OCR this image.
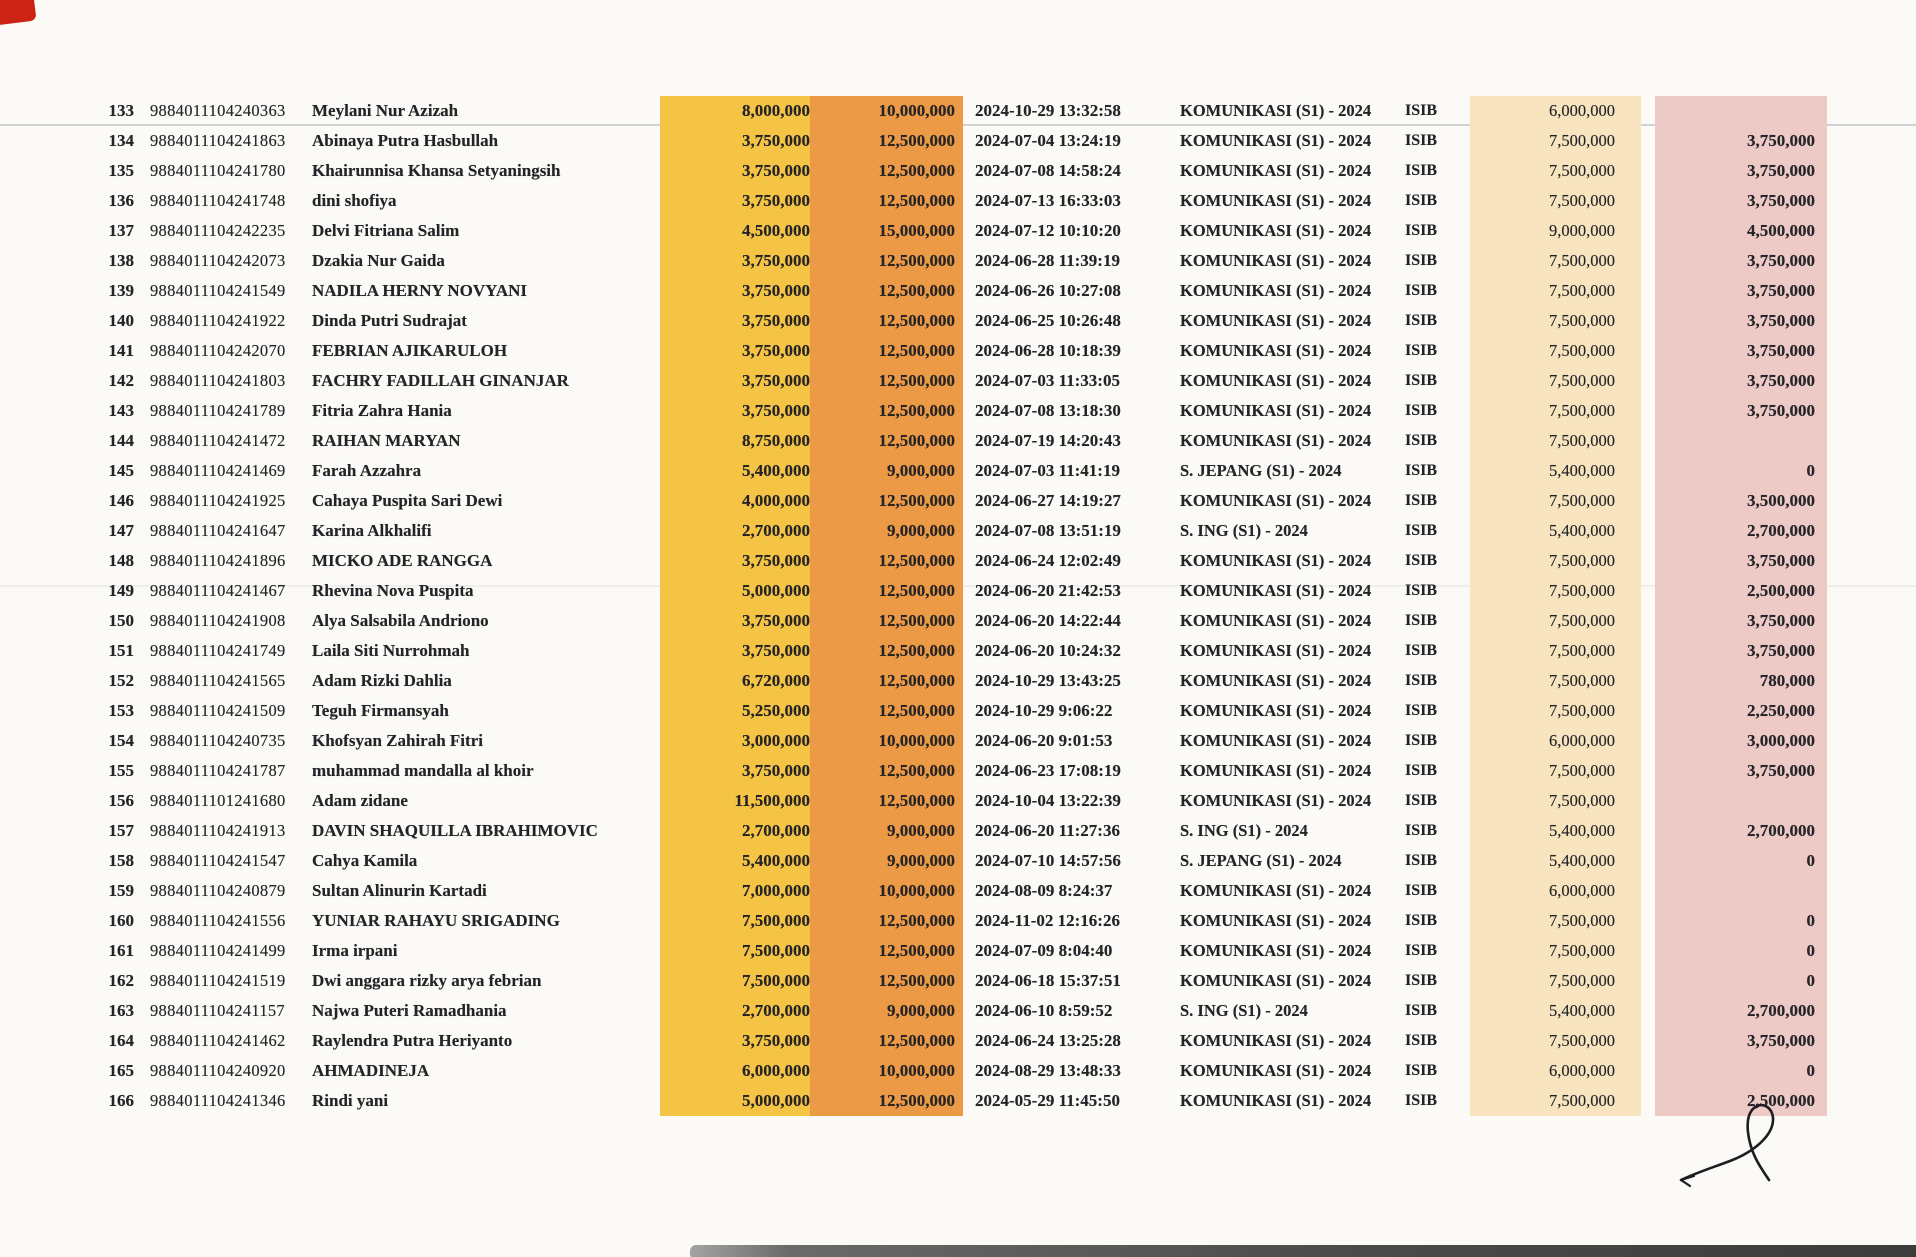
133 9884011104240363	Meylani Nur Azizah	8,000,000	10,000,000	2024-10-29 13:32:58	KOMUNIKASI (S1) - 2024	ISIB	6,000,000
134 9884011104241863	Abinaya Putra Hasbullah	3,750,000	12,500,000	2024-07-04 13:24:19	KOMUNIKASI (S1) - 2024	ISIB	7,500,000	3,750,000
135 9884011104241780	Khairunnisa Khansa Setyaningsih	3,750,000	12,500,000	2024-07-08 14:58:24	KOMUNIKASI (S1) - 2024	ISIB	7,500,000	3,750,000
136 9884011104241748	dini shofiya	3,750,000	12,500,000	2024-07-13 16:33:03	KOMUNIKASI (S1) - 2024	ISIB	7,500,000	3,750,000
137 9884011104242235	Delvi Fitriana Salim	4,500,000	15,000,000	2024-07-12 10:10:20	KOMUNIKASI (S1) - 2024	ISIB	9,000,000	4,500,000
138 9884011104242073	Dzakia Nur Gaida	3,750,000	12,500,000	2024-06-28 11:39:19	KOMUNIKASI (S1) - 2024	ISIB	7,500,000	3,750,000
139 9884011104241549	NADILA HERNY NOVYANI	3,750,000	12,500,000	2024-06-26 10:27:08	KOMUNIKASI (S1) - 2024	ISIB	7,500,000	3,750,000
140 9884011104241922	Dinda Putri Sudrajat	3,750,000	12,500,000	2024-06-25 10:26:48	KOMUNIKASI (S1) - 2024	ISIB	7,500,000	3,750,000
141 9884011104242070	FEBRIAN AJIKARULOH	3,750,000	12,500,000	2024-06-28 10:18:39	KOMUNIKASI (S1) - 2024	ISIB	7,500,000	3,750,000
142 9884011104241803	FACHRY FADILLAH GINANJAR	3,750,000	12,500,000	2024-07-03 11:33:05	KOMUNIKASI (S1) - 2024	ISIB	7,500,000	3,750,000
143 9884011104241789	Fitria Zahra Hania	3,750,000	12,500,000	2024-07-08 13:18:30	KOMUNIKASI (S1) - 2024	ISIB	7,500,000	3,750,000
144 9884011104241472	RAIHAN MARYAN	8,750,000	12,500,000	2024-07-19 14:20:43	KOMUNIKASI (S1) - 2024	ISIB	7,500,000
145 9884011104241469	Farah Azzahra	5,400,000	9,000,000	2024-07-03 11:41:19	S. JEPANG (S1) - 2024	ISIB	5,400,000	0
146 9884011104241925	Cahaya Puspita Sari Dewi	4,000,000	12,500,000	2024-06-27 14:19:27	KOMUNIKASI (S1) - 2024	ISIB	7,500,000	3,500,000
147 9884011104241647	Karina Alkhalifi	2,700,000	9,000,000	2024-07-08 13:51:19	S. ING (S1) - 2024	ISIB	5,400,000	2,700,000
148 9884011104241896	MICKO ADE RANGGA	3,750,000	12,500,000	2024-06-24 12:02:49	KOMUNIKASI (S1) - 2024	ISIB	7,500,000	3,750,000
149 9884011104241467	Rhevina Nova Puspita	5,000,000	12,500,000	2024-06-20 21:42:53	KOMUNIKASI (S1) - 2024	ISIB	7,500,000	2,500,000
150 9884011104241908	Alya Salsabila Andriono	3,750,000	12,500,000	2024-06-20 14:22:44	KOMUNIKASI (S1) - 2024	ISIB	7,500,000	3,750,000
151 9884011104241749	Laila Siti Nurrohmah	3,750,000	12,500,000	2024-06-20 10:24:32	KOMUNIKASI (S1) - 2024	ISIB	7,500,000	3,750,000
152 9884011104241565	Adam Rizki Dahlia	6,720,000	12,500,000	2024-10-29 13:43:25	KOMUNIKASI (S1) - 2024	ISIB	7,500,000	780,000
153 9884011104241509	Teguh Firmansyah	5,250,000	12,500,000	2024-10-29 9:06:22	KOMUNIKASI (S1) - 2024	ISIB	7,500,000	2,250,000
154 9884011104240735	Khofsyan Zahirah Fitri	3,000,000	10,000,000	2024-06-20 9:01:53	KOMUNIKASI (S1) - 2024	ISIB	6,000,000	3,000,000
155 9884011104241787	muhammad mandalla al khoir	3,750,000	12,500,000	2024-06-23 17:08:19	KOMUNIKASI (S1) - 2024	ISIB	7,500,000	3,750,000
156 9884011101241680	Adam zidane	11,500,000	12,500,000	2024-10-04 13:22:39	KOMUNIKASI (S1) - 2024	ISIB	7,500,000
157 9884011104241913	DAVIN SHAQUILLA IBRAHIMOVIC	2,700,000	9,000,000	2024-06-20 11:27:36	S. ING (S1) - 2024	ISIB	5,400,000	2,700,000
158 9884011104241547	Cahya Kamila	5,400,000	9,000,000	2024-07-10 14:57:56	S. JEPANG (S1) - 2024	ISIB	5,400,000	0
159 9884011104240879	Sultan Alinurin Kartadi	7,000,000	10,000,000	2024-08-09 8:24:37	KOMUNIKASI (S1) - 2024	ISIB	6,000,000
160 9884011104241556	YUNIAR RAHAYU SRIGADING	7,500,000	12,500,000	2024-11-02 12:16:26	KOMUNIKASI (S1) - 2024	ISIB	7,500,000	0
161 9884011104241499	Irma irpani	7,500,000	12,500,000	2024-07-09 8:04:40	KOMUNIKASI (S1) - 2024	ISIB	7,500,000	0
162 9884011104241519	Dwi anggara rizky arya febrian	7,500,000	12,500,000	2024-06-18 15:37:51	KOMUNIKASI (S1) - 2024	ISIB	7,500,000	0
163 9884011104241157	Najwa Puteri Ramadhania	2,700,000	9,000,000	2024-06-10 8:59:52	S. ING (S1) - 2024	ISIB	5,400,000	2,700,000
164 9884011104241462	Raylendra Putra Heriyanto	3,750,000	12,500,000	2024-06-24 13:25:28	KOMUNIKASI (S1) - 2024	ISIB	7,500,000	3,750,000
165 9884011104240920	AHMADINEJA	6,000,000	10,000,000	2024-08-29 13:48:33	KOMUNIKASI (S1) - 2024	ISIB	6,000,000	0
166 9884011104241346	Rindi yani	5,000,000	12,500,000	2024-05-29 11:45:50	KOMUNIKASI (S1) - 2024	ISIB	7,500,000	2,500,000
